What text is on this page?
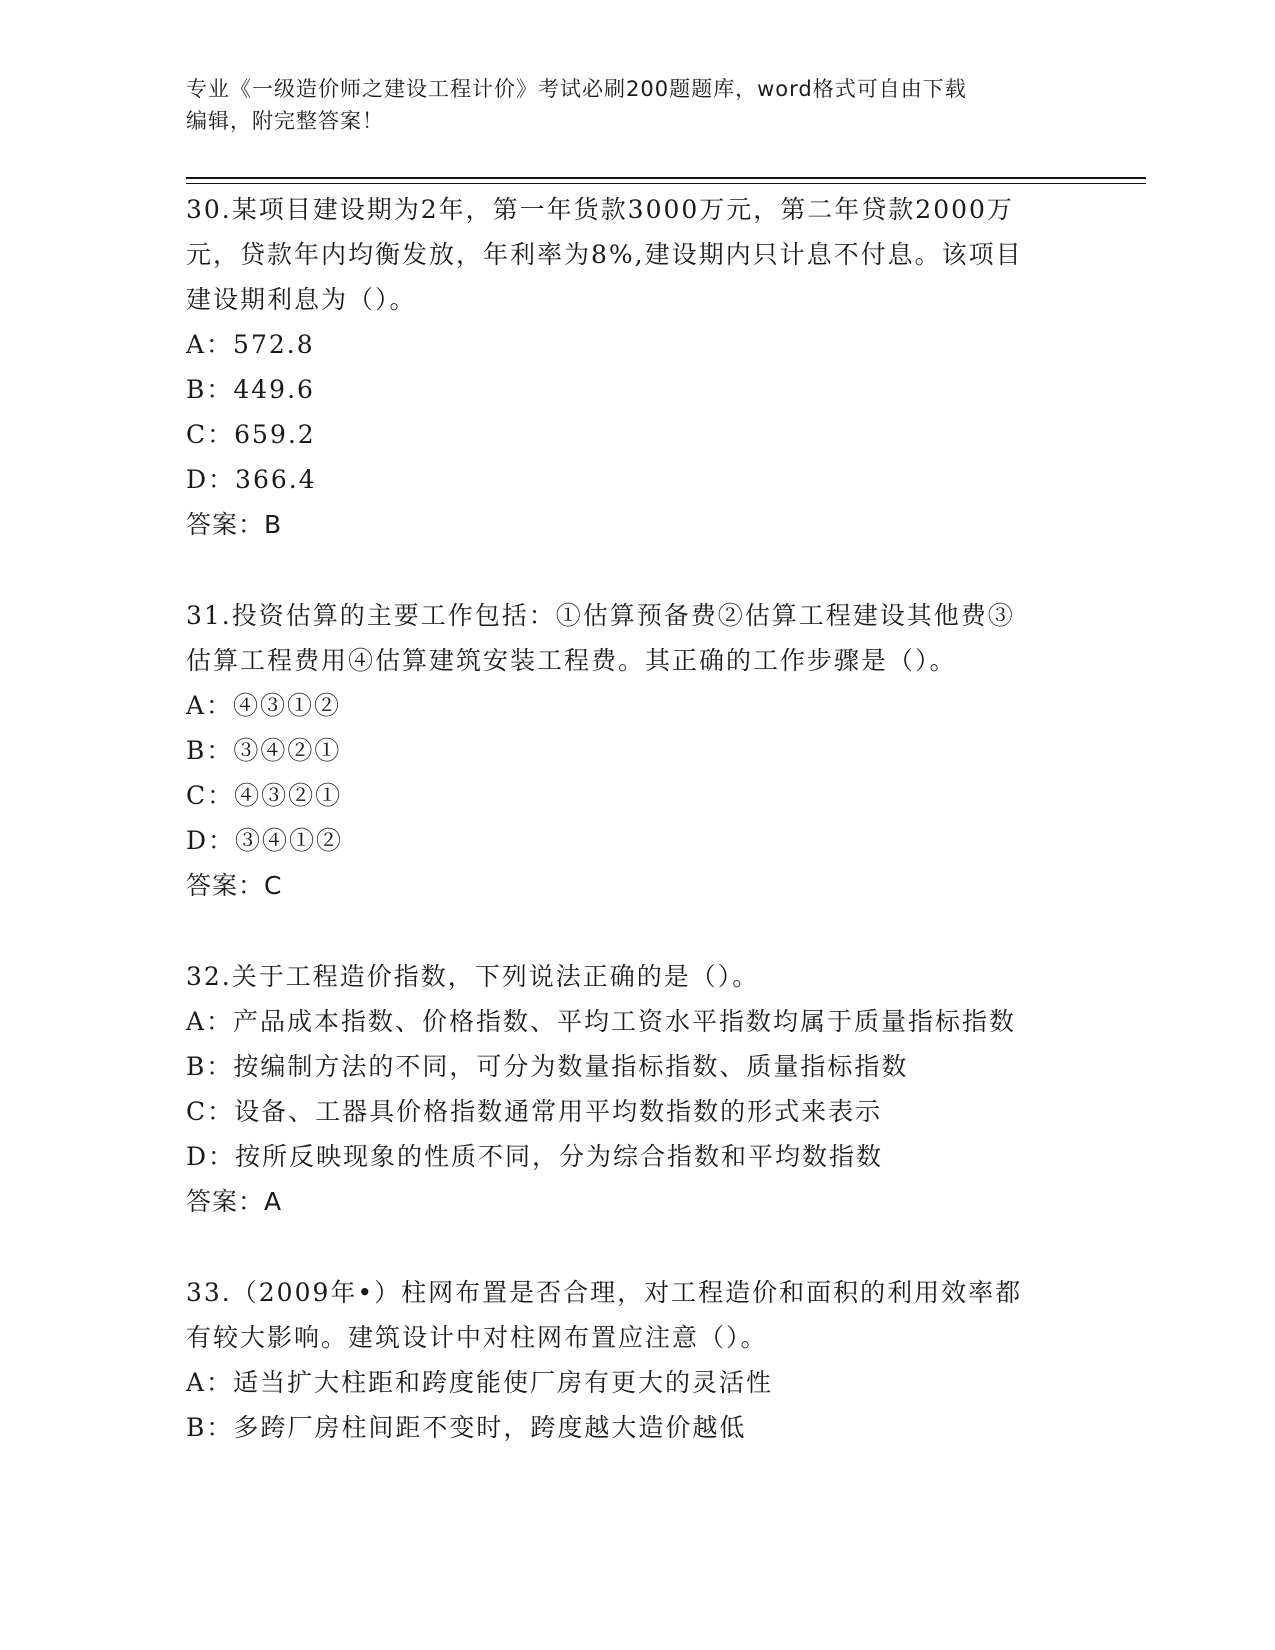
专业《一级造价师之建设工程计价》考试必刷200题题库，word格式可自由下载
编辑，附完整答案！

30.某项目建设期为2年，第一年货款3000万元，第二年贷款2000万

元，贷款年内均衡发放，年利率为8%,建设期内只计息不付息。该项目

建设期利息为（）。

A：572.8

B：449.6

C：659.2

D：366.4

答案：B

31.投资估算的主要工作包括：①估算预备费②估算工程建设其他费③

估算工程费用④估算建筑安装工程费。其正确的工作步骤是（）。

A：④③①②

B：③④②①

C：④③②①

D：③④①②

答案：C

32.关于工程造价指数，下列说法正确的是（）。

A：产品成本指数、价格指数、平均工资水平指数均属于质量指标指数

B：按编制方法的不同，可分为数量指标指数、质量指标指数

C：设备、工器具价格指数通常用平均数指数的形式来表示

D：按所反映现象的性质不同，分为综合指数和平均数指数

答案：A

33.（2009年•）柱网布置是否合理，对工程造价和面积的利用效率都

有较大影响。建筑设计中对柱网布置应注意（）。

A：适当扩大柱距和跨度能使厂房有更大的灵活性

B：多跨厂房柱间距不变时，跨度越大造价越低
